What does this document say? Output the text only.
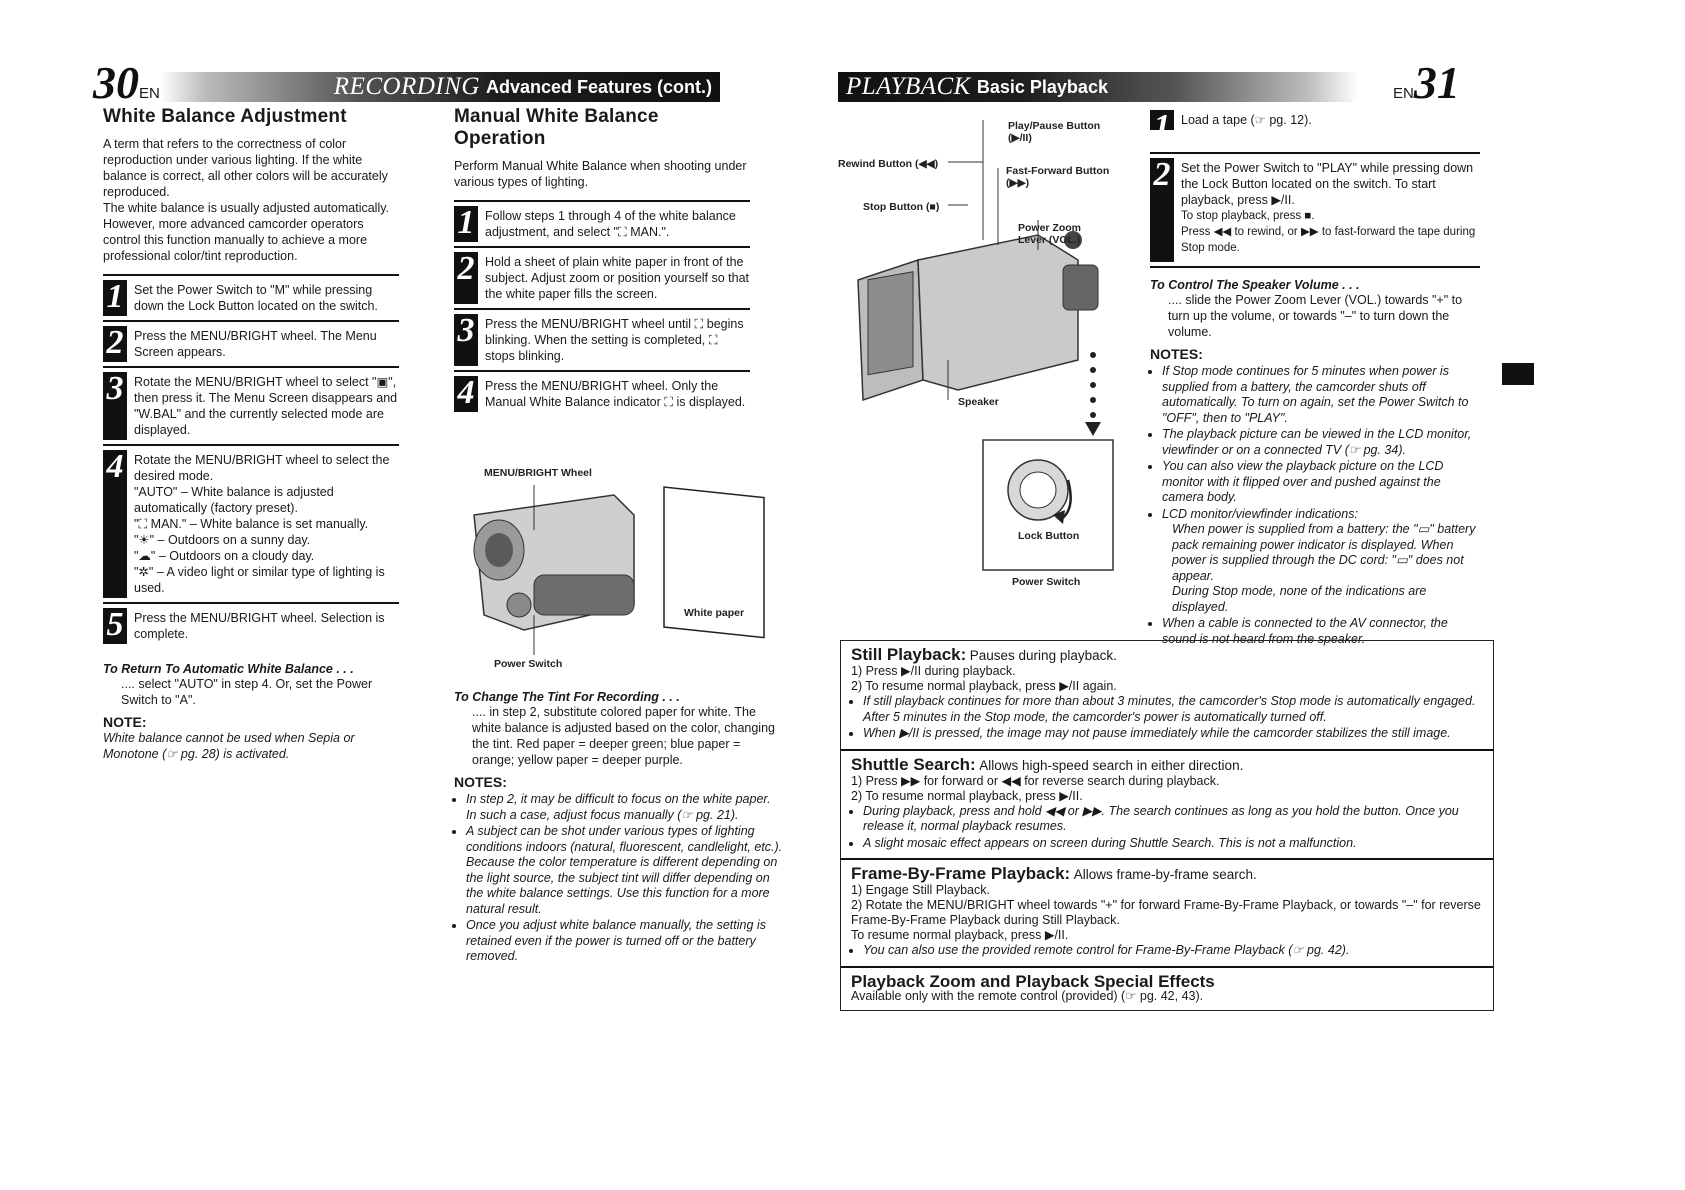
30EN	RECORDING Advanced Features (cont.)
White Balance Adjustment

A term that refers to the correctness of color reproduction under various lighting. If the white balance is correct, all other colors will be accurately reproduced.

The white balance is usually adjusted automatically. However, more advanced camcorder operators control this function manually to achieve a more professional color/tint reproduction.

1 Set the Power Switch to "M" while pressing down the Lock Button located on the switch.
2 Press the MENU/BRIGHT wheel. The Menu Screen appears.
3 Rotate the MENU/BRIGHT wheel to select "▣", then press it. The Menu Screen disappears and "W.BAL" and the currently selected mode are displayed.
4 Rotate the MENU/BRIGHT wheel to select the desired mode.
"AUTO" – White balance is adjusted automatically (factory preset).
"⛶ MAN." – White balance is set manually.
"☀" – Outdoors on a sunny day.
"☁" – Outdoors on a cloudy day.
"✲" – A video light or similar type of lighting is used.
5 Press the MENU/BRIGHT wheel. Selection is complete.

To Return To Automatic White Balance . . .

.... select "AUTO" in step 4. Or, set the Power Switch to "A".

NOTE:

White balance cannot be used when Sepia or Monotone (☞ pg. 28) is activated.

Manual White Balance Operation

Perform Manual White Balance when shooting under various types of lighting.

1 Follow steps 1 through 4 of the white balance adjustment, and select "⛶ MAN.".
2 Hold a sheet of plain white paper in front of the subject. Adjust zoom or position yourself so that the white paper fills the screen.
3 Press the MENU/BRIGHT wheel until ⛶ begins blinking. When the setting is completed, ⛶ stops blinking.
4 Press the MENU/BRIGHT wheel. Only the Manual White Balance indicator ⛶ is displayed.
MENU/BRIGHT Wheel
White paper
Power Switch

To Change The Tint For Recording . . .

.... in step 2, substitute colored paper for white. The white balance is adjusted based on the color, changing the tint. Red paper = deeper green; blue paper = orange; yellow paper = deeper purple.

NOTES:

• In step 2, it may be difficult to focus on the white paper. In such a case, adjust focus manually (☞ pg. 21).
• A subject can be shot under various types of lighting conditions indoors (natural, fluorescent, candlelight, etc.). Because the color temperature is different depending on the light source, the subject tint will differ depending on the white balance settings. Use this function for a more natural result.
• Once you adjust white balance manually, the setting is retained even if the power is turned off or the battery removed.
PLAYBACK Basic Playback	EN31
Play/Pause Button (▶/II)
Rewind Button (◀◀)
Fast-Forward Button (▶▶)
Stop Button (■)
Power Zoom Lever (VOL.)
Speaker
Lock Button
Power Switch
1 Load a tape (☞ pg. 12).
2 Set the Power Switch to "PLAY" while pressing down the Lock Button located on the switch. To start playback, press ▶/II.
To stop playback, press ■.
Press ◀◀ to rewind, or ▶▶ to fast-forward the tape during Stop mode.

To Control The Speaker Volume . . .

.... slide the Power Zoom Lever (VOL.) towards "+" to turn up the volume, or towards "–" to turn down the volume.

NOTES:

• If Stop mode continues for 5 minutes when power is supplied from a battery, the camcorder shuts off automatically. To turn on again, set the Power Switch to "OFF", then to "PLAY".
• The playback picture can be viewed in the LCD monitor, viewfinder or on a connected TV (☞ pg. 34).
• You can also view the playback picture on the LCD monitor with it flipped over and pushed against the camera body.
• LCD monitor/viewfinder indications:
When power is supplied from a battery: the "▭" battery pack remaining power indicator is displayed. When power is supplied through the DC cord: "▭" does not appear.
During Stop mode, none of the indications are displayed.
• When a cable is connected to the AV connector, the sound is not heard from the speaker.
Still Playback: Pauses during playback.
1) Press ▶/II during playback.
2) To resume normal playback, press ▶/II again.
• If still playback continues for more than about 3 minutes, the camcorder's Stop mode is automatically engaged. After 5 minutes in the Stop mode, the camcorder's power is automatically turned off.
• When ▶/II is pressed, the image may not pause immediately while the camcorder stabilizes the still image.
Shuttle Search: Allows high-speed search in either direction.
1) Press ▶▶ for forward or ◀◀ for reverse search during playback.
2) To resume normal playback, press ▶/II.
• During playback, press and hold ◀◀ or ▶▶. The search continues as long as you hold the button. Once you release it, normal playback resumes.
• A slight mosaic effect appears on screen during Shuttle Search. This is not a malfunction.
Frame-By-Frame Playback: Allows frame-by-frame search.
1) Engage Still Playback.
2) Rotate the MENU/BRIGHT wheel towards "+" for forward Frame-By-Frame Playback, or towards "–" for reverse Frame-By-Frame Playback during Still Playback.
To resume normal playback, press ▶/II.
• You can also use the provided remote control for Frame-By-Frame Playback (☞ pg. 42).
Playback Zoom and Playback Special Effects
Available only with the remote control (provided) (☞ pg. 42, 43).
